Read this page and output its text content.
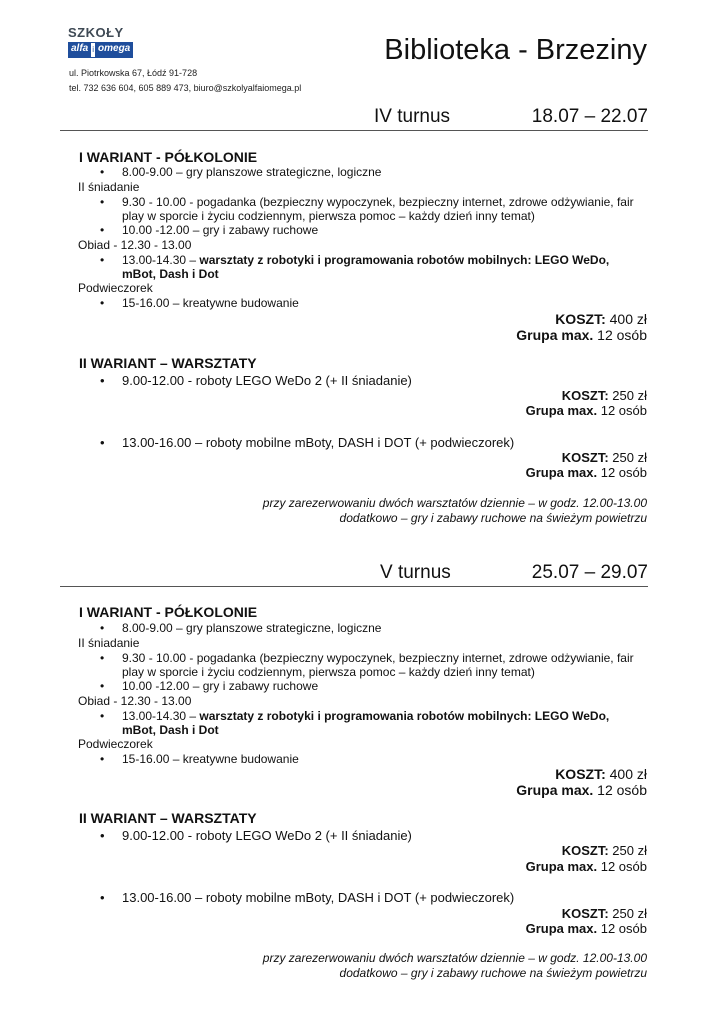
SZKOŁY
alfa i omega
ul. Piotrkowska 67, Łódź 91-728
tel. 732 636 604, 605 889 473, biuro@szkolyalfaiomega.pl
Biblioteka - Brzeziny
IV turnus	18.07 – 22.07
I WARIANT - PÓŁKOLONIE
• 8.00-9.00 – gry planszowe strategiczne, logiczne
II śniadanie
• 9.30 - 10.00 - pogadanka (bezpieczny wypoczynek, bezpieczny internet, zdrowe odżywianie, fair
play w sporcie i życiu codziennym, pierwsza pomoc – każdy dzień inny temat)
• 10.00 -12.00 – gry i zabawy ruchowe
Obiad - 12.30 - 13.00
• 13.00-14.30 – warsztaty z robotyki i programowania robotów mobilnych: LEGO WeDo,
mBot, Dash i Dot
Podwieczorek
• 15-16.00 – kreatywne budowanie
KOSZT: 400 zł
Grupa max. 12 osób
II WARIANT – WARSZTATY
• 9.00-12.00 - roboty LEGO WeDo 2 (+ II śniadanie)
KOSZT: 250 zł
Grupa max. 12 osób
• 13.00-16.00 – roboty mobilne mBoty, DASH i DOT (+ podwieczorek)
KOSZT: 250 zł
Grupa max. 12 osób
przy zarezerwowaniu dwóch warsztatów dziennie – w godz. 12.00-13.00
dodatkowo – gry i zabawy ruchowe na świeżym powietrzu
V turnus	25.07 – 29.07
I WARIANT - PÓŁKOLONIE
• 8.00-9.00 – gry planszowe strategiczne, logiczne
II śniadanie
• 9.30 - 10.00 - pogadanka (bezpieczny wypoczynek, bezpieczny internet, zdrowe odżywianie, fair
play w sporcie i życiu codziennym, pierwsza pomoc – każdy dzień inny temat)
• 10.00 -12.00 – gry i zabawy ruchowe
Obiad - 12.30 - 13.00
• 13.00-14.30 – warsztaty z robotyki i programowania robotów mobilnych: LEGO WeDo,
mBot, Dash i Dot
Podwieczorek
• 15-16.00 – kreatywne budowanie
KOSZT: 400 zł
Grupa max. 12 osób
II WARIANT – WARSZTATY
• 9.00-12.00 - roboty LEGO WeDo 2 (+ II śniadanie)
KOSZT: 250 zł
Grupa max. 12 osób
• 13.00-16.00 – roboty mobilne mBoty, DASH i DOT (+ podwieczorek)
KOSZT: 250 zł
Grupa max. 12 osób
przy zarezerwowaniu dwóch warsztatów dziennie – w godz. 12.00-13.00
dodatkowo – gry i zabawy ruchowe na świeżym powietrzu
